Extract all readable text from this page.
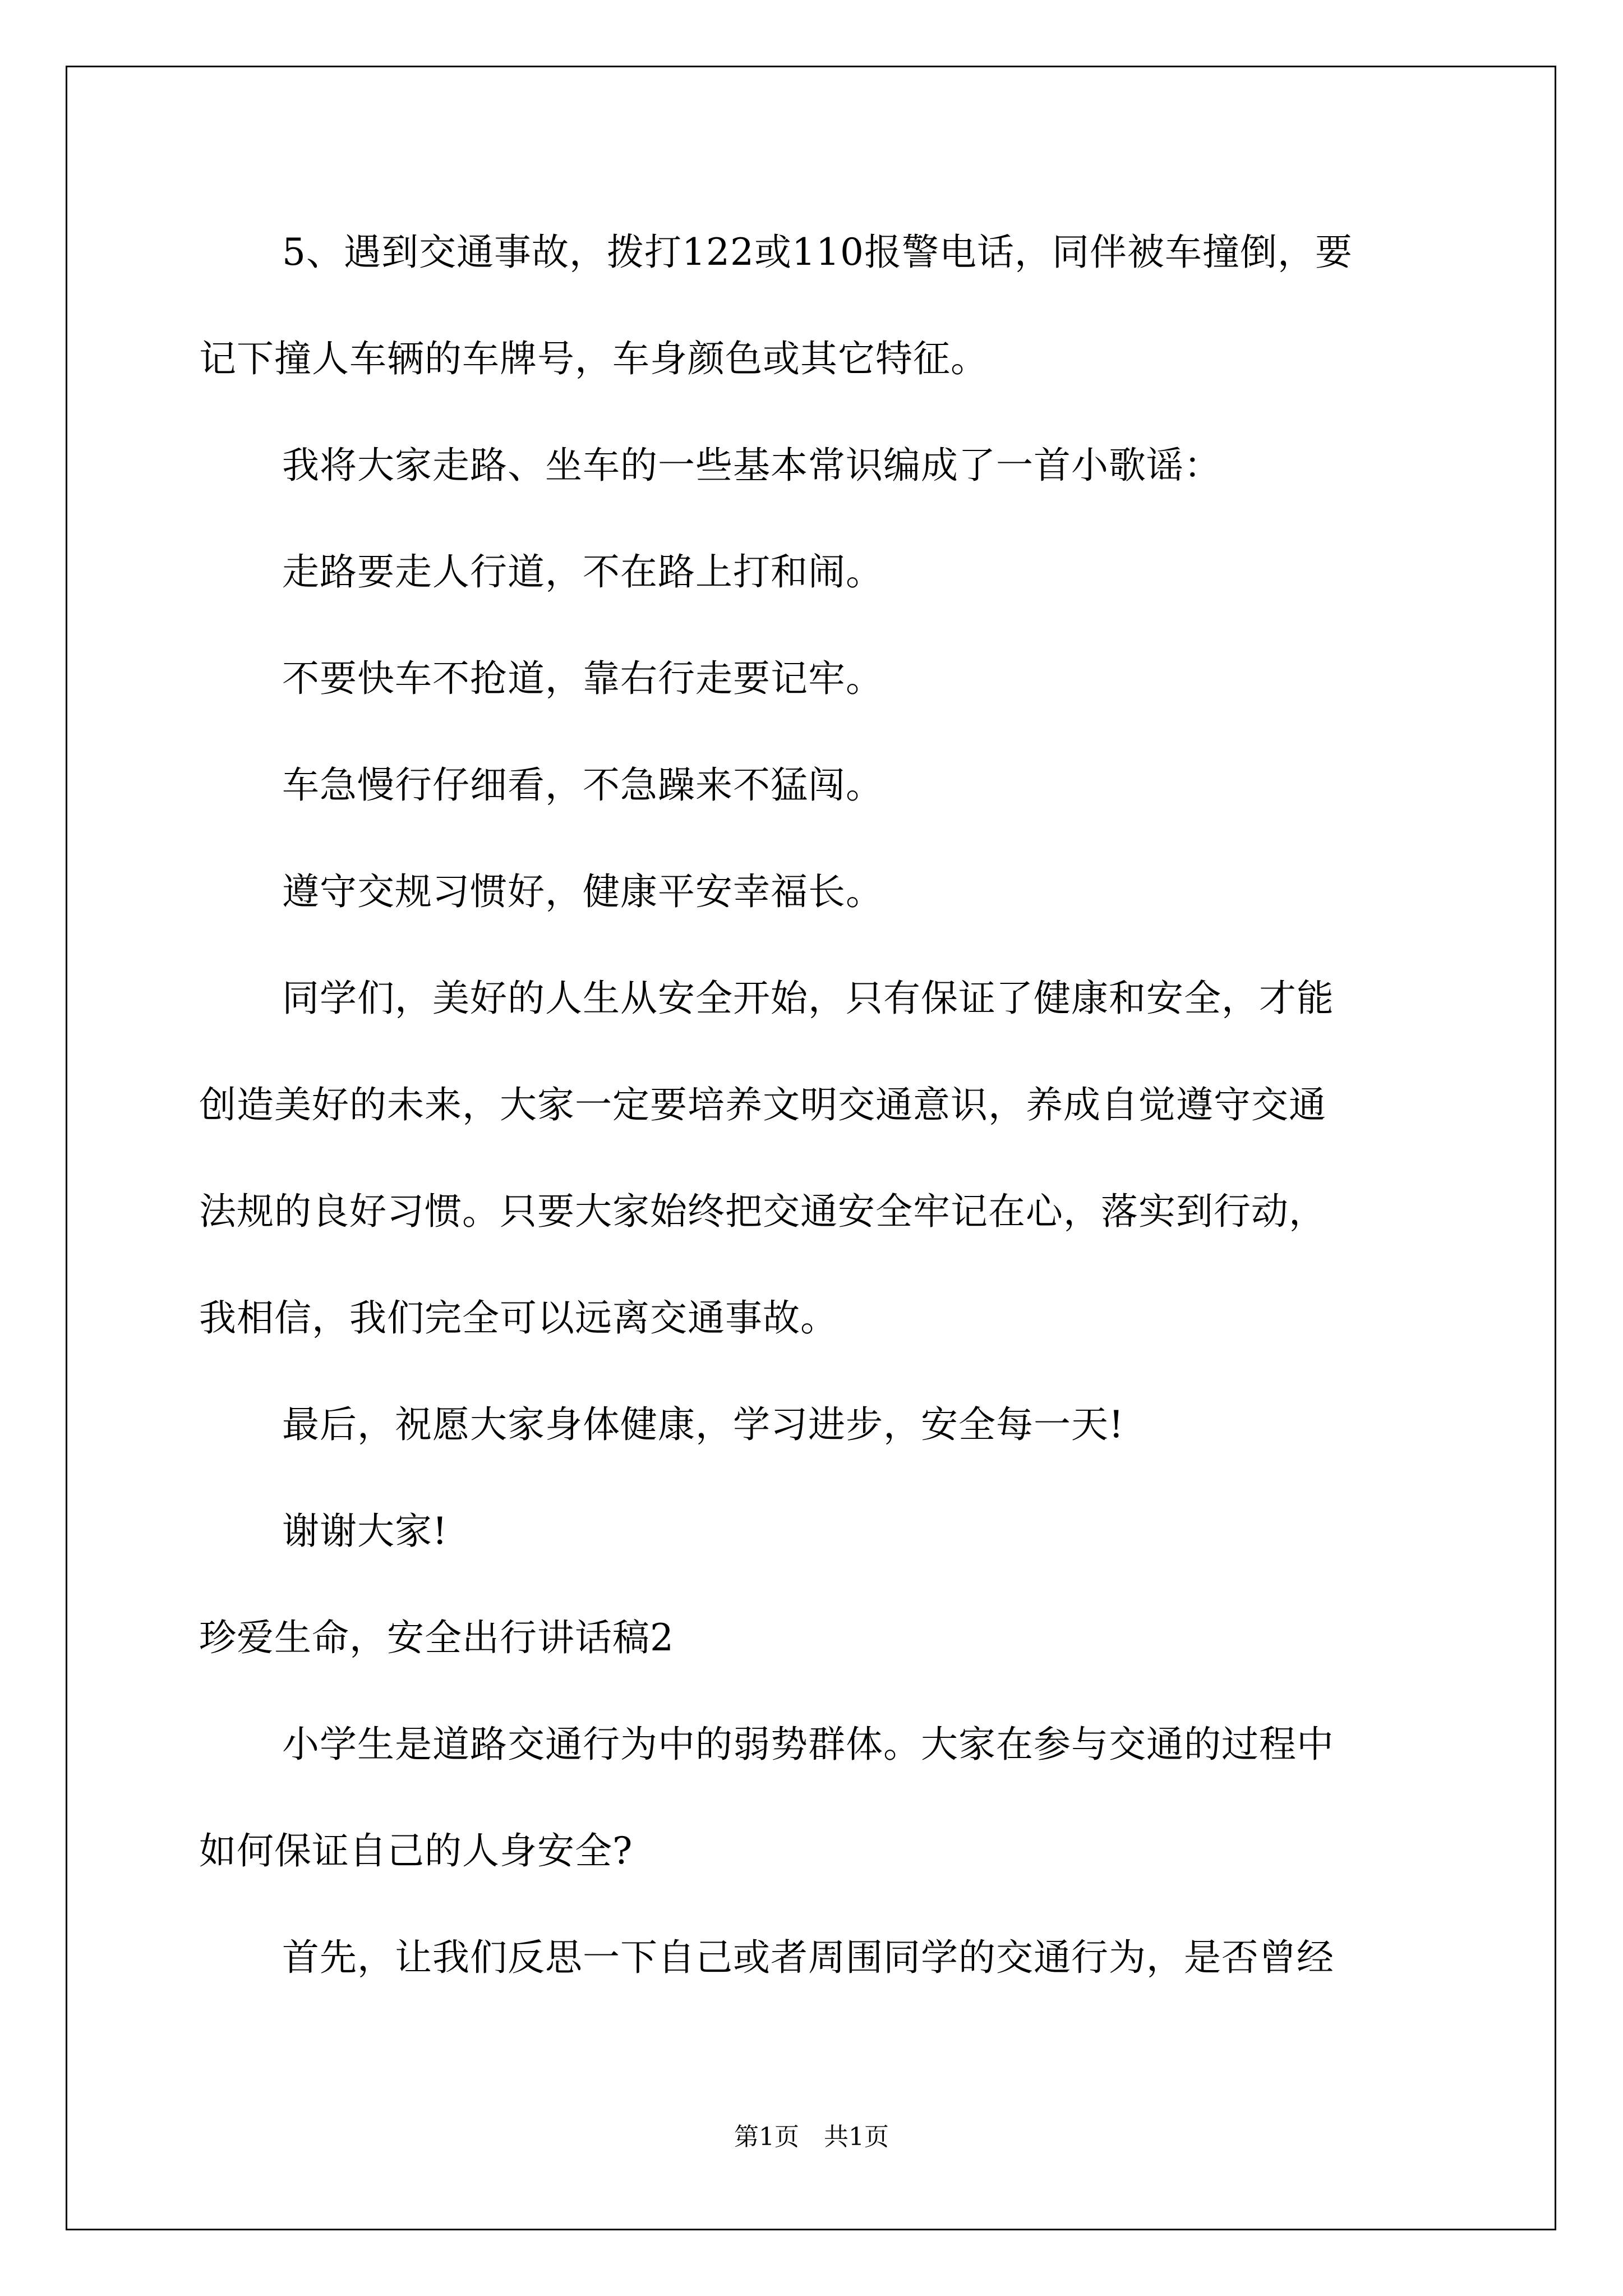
5、遇到交通事故，拨打122或110报警电话，同伴被车撞倒，要
记下撞人车辆的车牌号，车身颜色或其它特征。
我将大家走路、坐车的一些基本常识编成了一首小歌谣：
走路要走人行道，不在路上打和闹。
不要快车不抢道，靠右行走要记牢。
车急慢行仔细看，不急躁来不猛闯。
遵守交规习惯好，健康平安幸福长。
同学们，美好的人生从安全开始，只有保证了健康和安全，才能
创造美好的未来，大家一定要培养文明交通意识，养成自觉遵守交通
法规的良好习惯。只要大家始终把交通安全牢记在心，落实到行动，
我相信，我们完全可以远离交通事故。
最后，祝愿大家身体健康，学习进步，安全每一天!
谢谢大家!
珍爱生命，安全出行讲话稿2
小学生是道路交通行为中的弱势群体。大家在参与交通的过程中
如何保证自己的人身安全?
首先，让我们反思一下自己或者周围同学的交通行为，是否曾经
第1页　共1页
